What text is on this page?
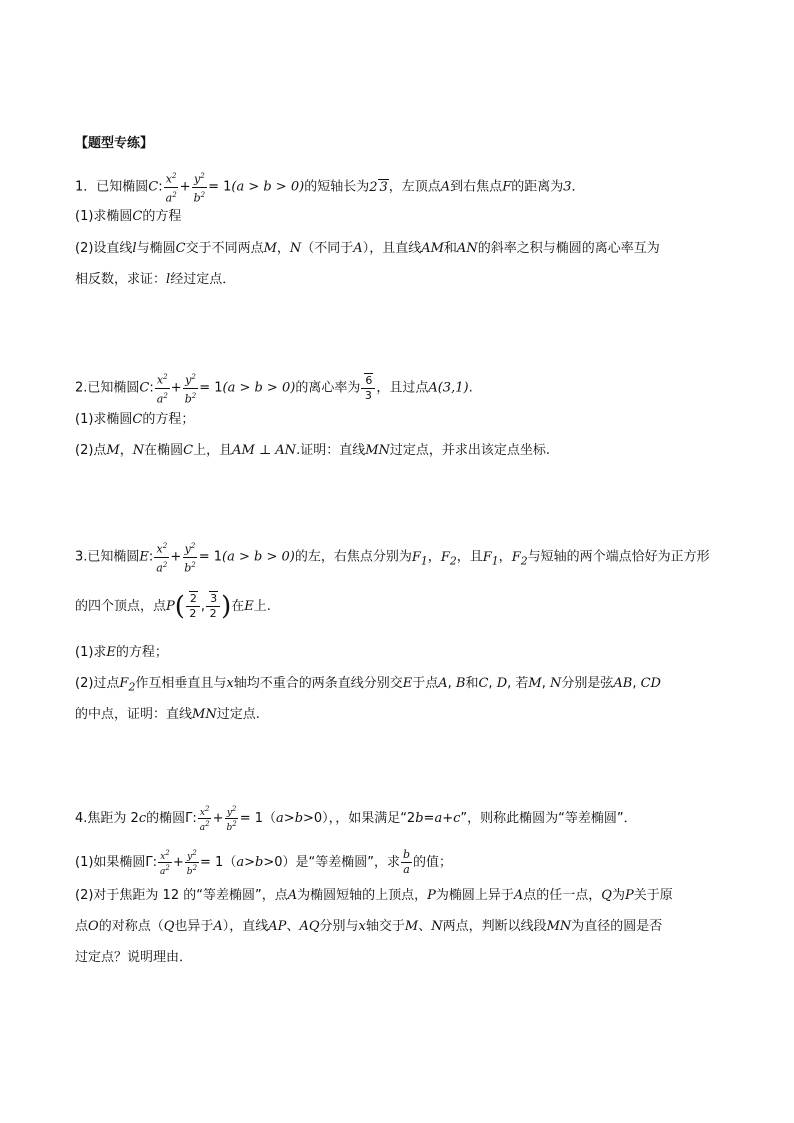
【题型专练】
1．已知椭圆C: $\frac{x^2}{a^2} + \frac{y^2}{b^2} = 1(a > b > 0)$的短轴长为2 3，左顶点A到右焦点F的距离为3．
(1)求椭圆C的方程
(2)设直线l与椭圆C交于不同两点M，N（不同于A），且直线AM和AN的斜率之积与椭圆的离心率互为
相反数，求证：l经过定点．
2.已知椭圆C: $\frac{x^2}{a^2} + \frac{y^2}{b^2} = 1(a > b > 0)$的离心率为 $\frac{6}{3}$ ，且过点A(3,1).
(1)求椭圆C的方程；
(2)点M，N在椭圆C上，且AM ⊥ AN.证明：直线MN过定点，并求出该定点坐标.
3.已知椭圆E: $\frac{x^2}{a^2} + \frac{y^2}{b^2} = 1(a > b > 0)$的左，右焦点分别为$F_1$，$F_2$，且$F_1$，$F_2$与短轴的两个端点恰好为正方形
的四个顶点，点$P( \frac{2}{2}$ , $\frac{3}{2}$ )在E上.
(1)求E的方程；
(2)过点$F_2$作互相垂直且与x轴均不重合的两条直线分别交E于点A, B和C, D, 若M, N分别是弦AB, CD
的中点，证明：直线MN过定点.
4.焦距为 2c的椭圆Γ: $\frac{x^2}{a^2} + \frac{y^2}{b^2} = 1(a>b>0)$，，如果满足“2b=a+c”，则称此椭圆为“等差椭圆”．
(1)如果椭圆Γ: $\frac{x^2}{a^2} + \frac{y^2}{b^2} = 1(a>b>0)$是“等差椭圆”，求 $\frac{b}{a}$ 的值；
(2)对于焦距为 12 的“等差椭圆”，点A为椭圆短轴的上顶点，P为椭圆上异于A点的任一点，Q为P关于原
点O的对称点（Q也异于A），直线AP、AQ分别与x轴交于M、N两点，判断以线段MN为直径的圆是否
过定点？说明理由．
